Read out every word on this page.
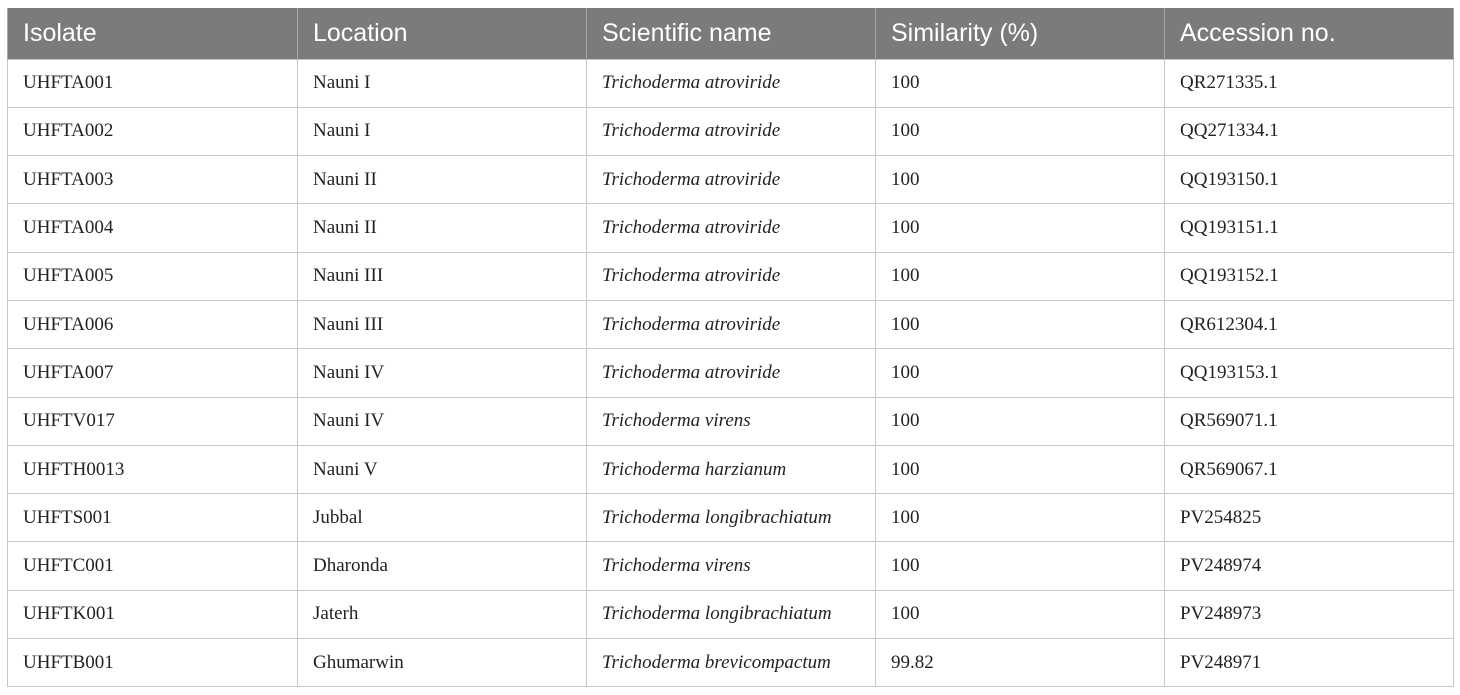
Isolate	Location	Scientific name	Similarity (%)	Accession no.
UHFTA001	Nauni I	Trichoderma atroviride	100	QR271335.1
UHFTA002	Nauni I	Trichoderma atroviride	100	QQ271334.1
UHFTA003	Nauni II	Trichoderma atroviride	100	QQ193150.1
UHFTA004	Nauni II	Trichoderma atroviride	100	QQ193151.1
UHFTA005	Nauni III	Trichoderma atroviride	100	QQ193152.1
UHFTA006	Nauni III	Trichoderma atroviride	100	QR612304.1
UHFTA007	Nauni IV	Trichoderma atroviride	100	QQ193153.1
UHFTV017	Nauni IV	Trichoderma virens	100	QR569071.1
UHFTH0013	Nauni V	Trichoderma harzianum	100	QR569067.1
UHFTS001	Jubbal	Trichoderma longibrachiatum	100	PV254825
UHFTC001	Dharonda	Trichoderma virens	100	PV248974
UHFTK001	Jaterh	Trichoderma longibrachiatum	100	PV248973
UHFTB001	Ghumarwin	Trichoderma brevicompactum	99.82	PV248971
